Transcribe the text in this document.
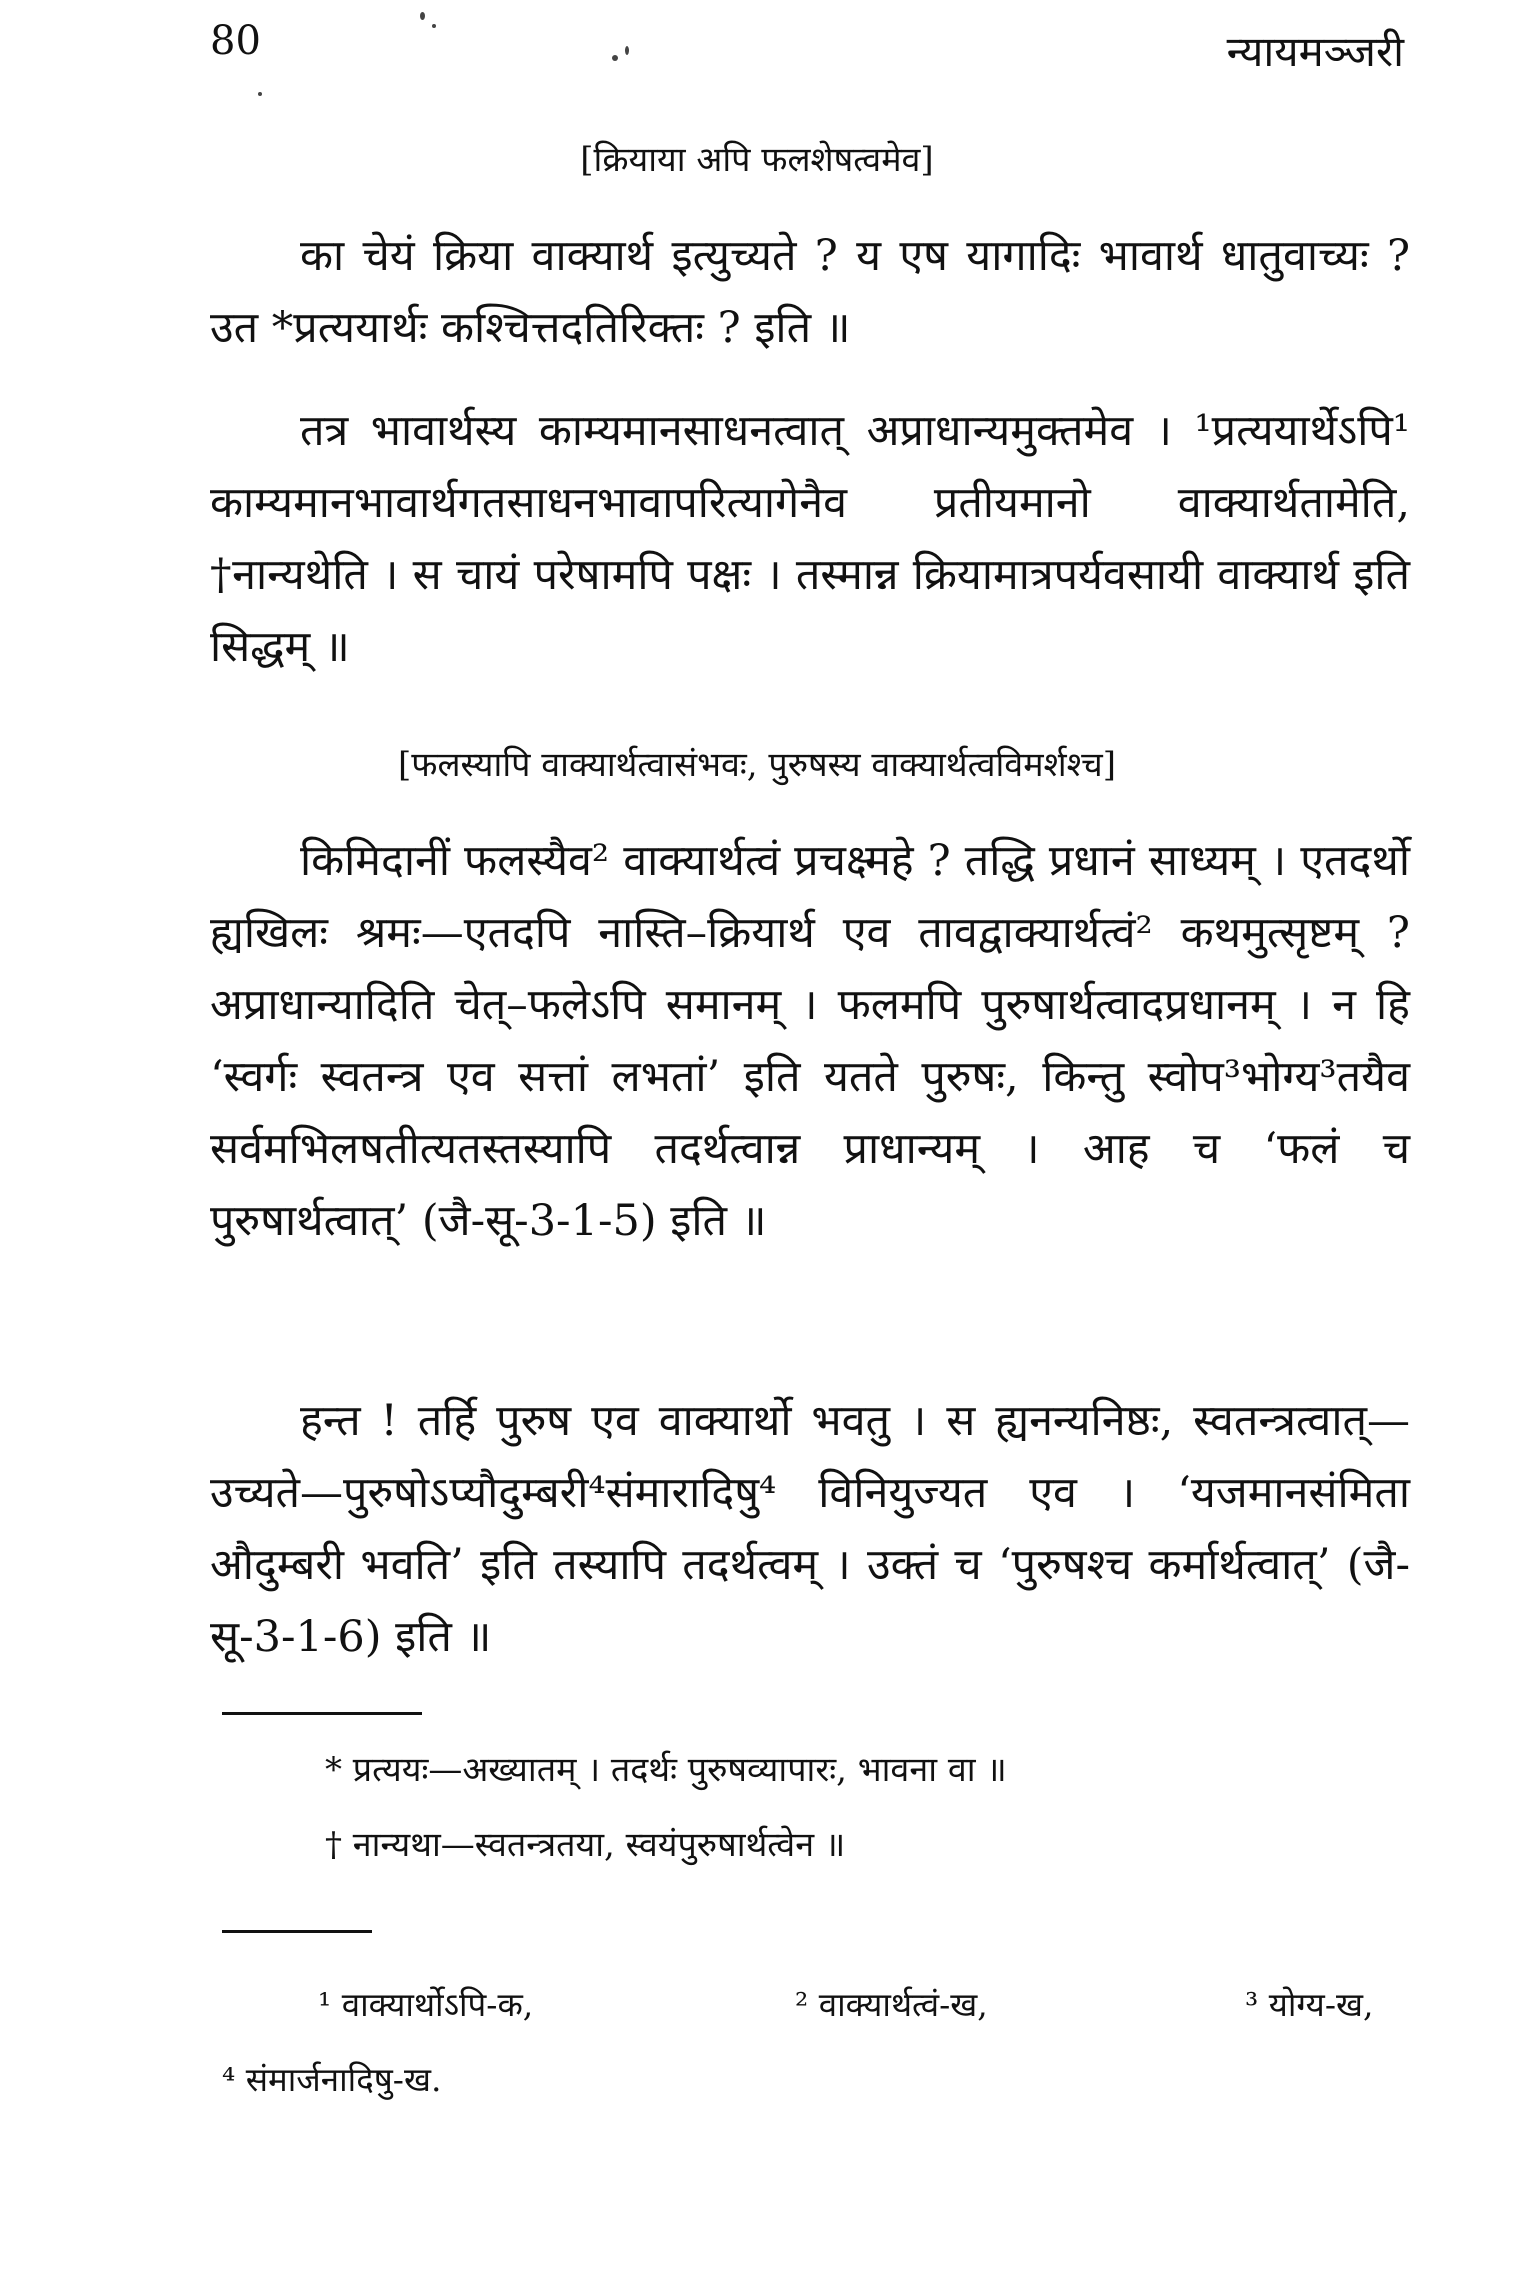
80	न्यायमञ्जरी
[क्रियाया अपि फलशेषत्वमेव]

का चेयं क्रिया वाक्यार्थ इत्युच्यते ? य एष यागादिः भावार्थ धातुवाच्यः ? उत *प्रत्ययार्थः कश्चित्तदतिरिक्तः ? इति ॥

तत्र भावार्थस्य काम्यमानसाधनत्वात् अप्राधान्यमुक्तमेव । ¹प्रत्ययार्थेऽपि¹ काम्यमानभावार्थगतसाधनभावापरित्यागेनैव प्रतीयमानो वाक्यार्थतामेति, †नान्यथेति । स चायं परेषामपि पक्षः । तस्मान्न क्रियामात्रपर्यवसायी वाक्यार्थ इति सिद्धम् ॥

[फलस्यापि वाक्यार्थत्वासंभवः, पुरुषस्य वाक्यार्थत्वविमर्शश्च]

किमिदानीं फलस्यैव² वाक्यार्थत्वं प्रचक्ष्महे ? तद्धि प्रधानं साध्यम् । एतदर्थो ह्यखिलः श्रमः—एतदपि नास्ति–क्रियार्थ एव तावद्वाक्यार्थत्वं² कथमुत्सृष्टम् ? अप्राधान्यादिति चेत्–फलेऽपि समानम् । फलमपि पुरुषार्थत्वादप्रधानम् । न हि ‘स्वर्गः स्वतन्त्र एव सत्तां लभतां’ इति यतते पुरुषः, किन्तु स्वोप³भोग्य³तयैव सर्वमभिलषतीत्यतस्तस्यापि तदर्थत्वान्न प्राधान्यम् । आह च ‘फलं च पुरुषार्थत्वात्’ (जै-सू-3-1-5) इति ॥

हन्त ! तर्हि पुरुष एव वाक्यार्थो भवतु । स ह्यनन्यनिष्ठः, स्वतन्त्रत्वात्—उच्यते—पुरुषोऽप्यौदुम्बरी⁴संमारादिषु⁴ विनियुज्यत एव । ‘यजमानसंमिता औदुम्बरी भवति’ इति तस्यापि तदर्थत्वम् । उक्तं च ‘पुरुषश्च कर्मार्थत्वात्’ (जै-सू-3-1-6) इति ॥

* प्रत्ययः—अख्यातम् । तदर्थः पुरुषव्यापारः, भावना वा ॥
† नान्यथा—स्वतन्त्रतया, स्वयंपुरुषार्थत्वेन ॥
¹ वाक्यार्थोऽपि-क,	² वाक्यार्थत्वं-ख,	³ योग्य-ख,
⁴ संमार्जनादिषु-ख.
